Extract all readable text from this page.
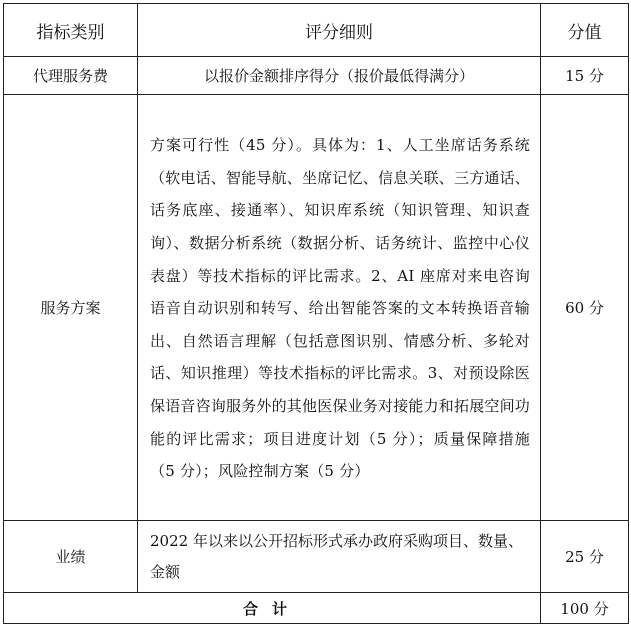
指标类别	评分细则	分值
代理服务费	以报价金额排序得分（报价最低得满分）	15 分
服务方案	方案可行性（45 分）。具体为：1、人工坐席话务系统（软电话、智能导航、坐席记忆、信息关联、三方通话、话务底座、接通率）、知识库系统（知识管理、知识查询）、数据分析系统（数据分析、话务统计、监控中心仪表盘）等技术指标的评比需求。2、AI 座席对来电咨询语音自动识别和转写、给出智能答案的文本转换语音输出、自然语言理解（包括意图识别、情感分析、多轮对话、知识推理）等技术指标的评比需求。3、对预设除医保语音咨询服务外的其他医保业务对接能力和拓展空间功能的评比需求；项目进度计划（5 分）；质量保障措施（5 分）；风险控制方案（5 分）	60 分
业绩	2022 年以来以公开招标形式承办政府采购项目、数量、金额	25 分
合计		100 分
